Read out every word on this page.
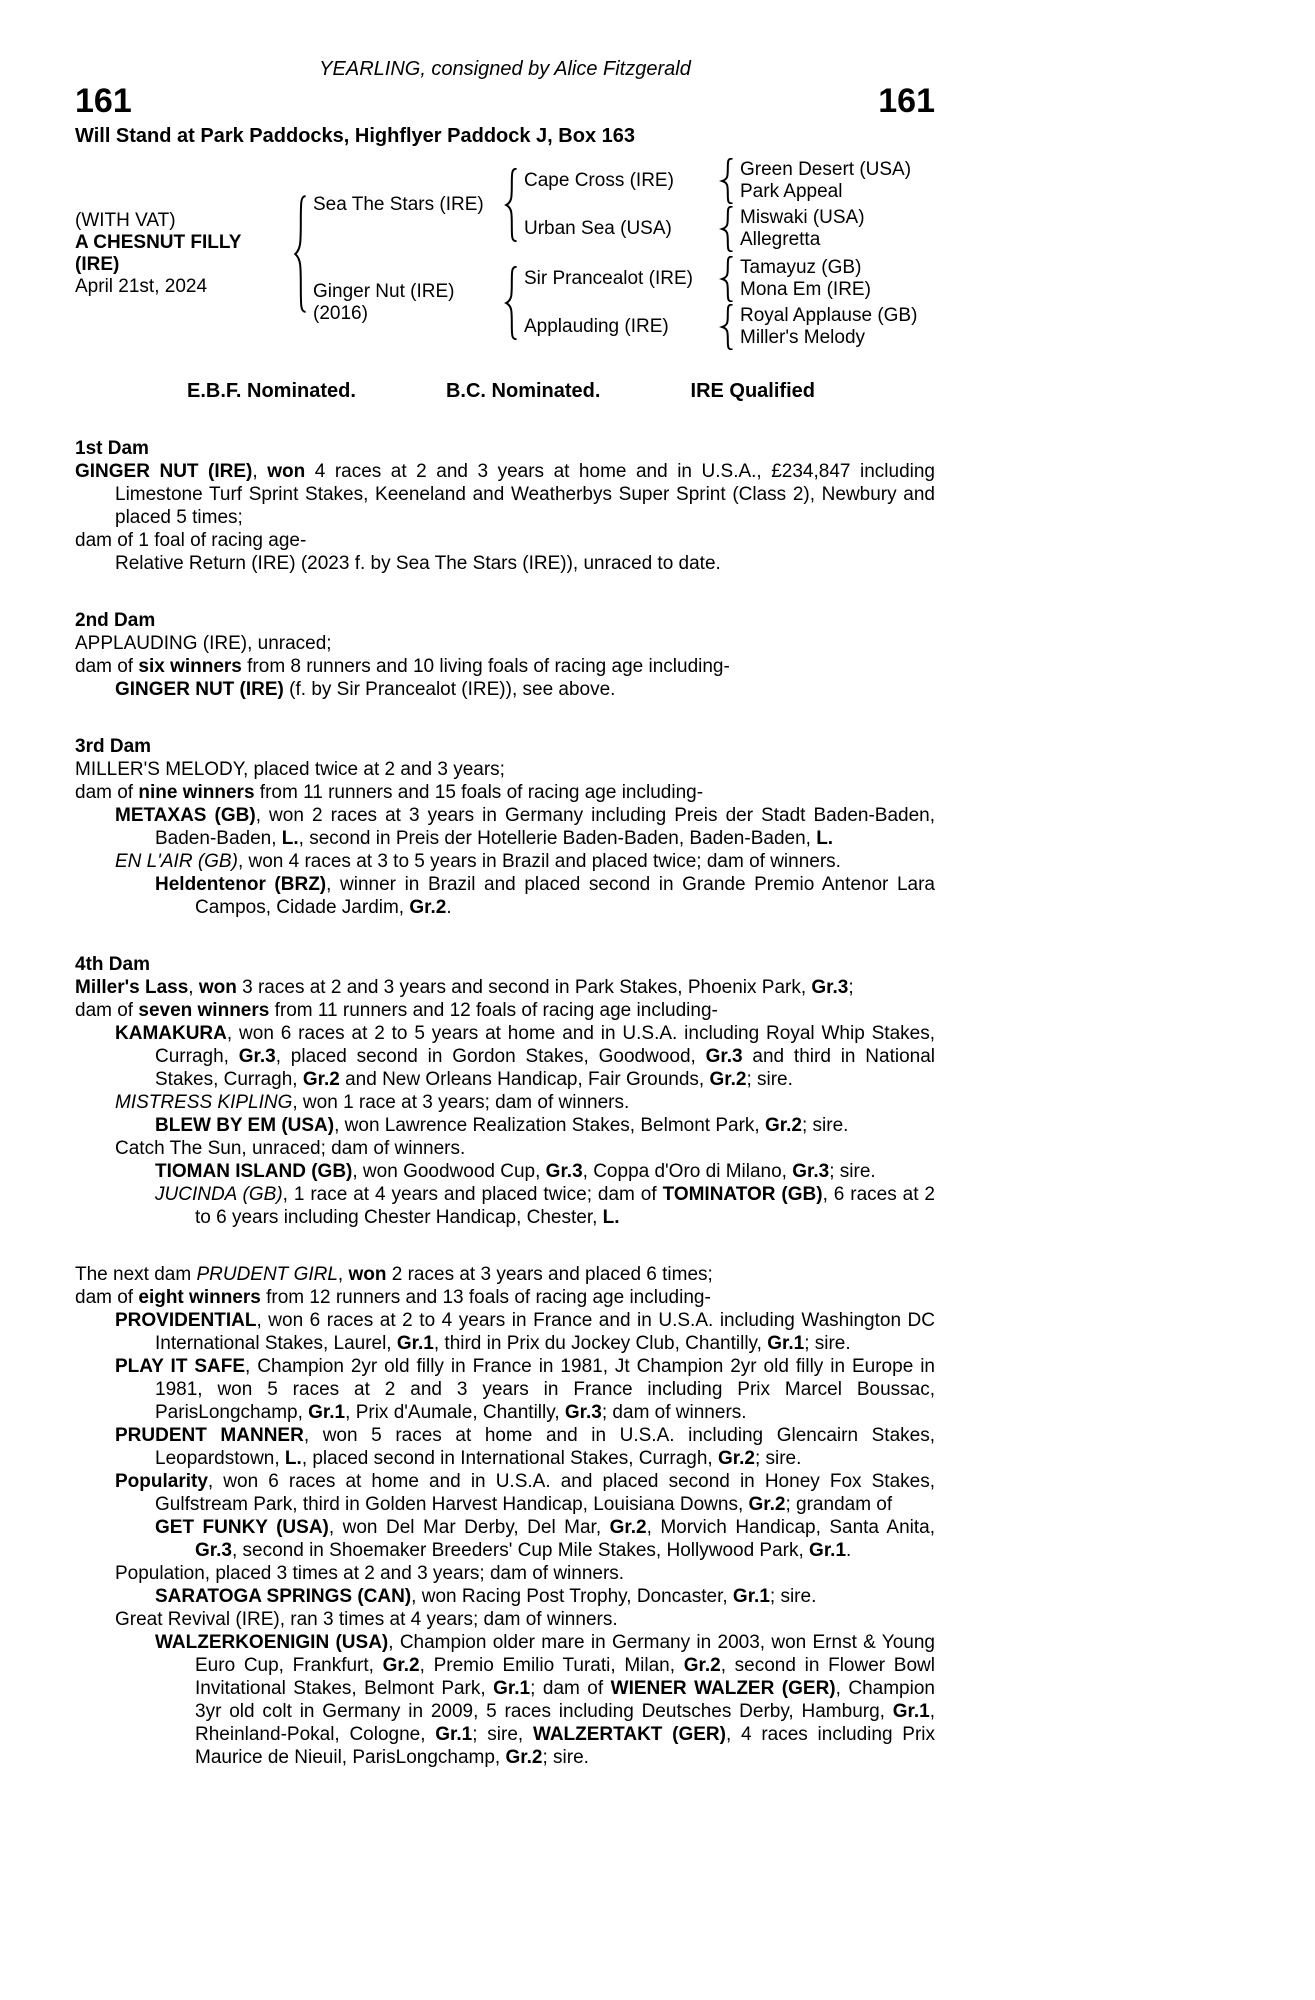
YEARLING, consigned by Alice Fitzgerald
161	161
Will Stand at Park Paddocks, Highflyer Paddock J, Box 163
(WITH VAT)
A CHESNUT FILLY
(IRE)
April 21st, 2024
Sea The Stars (IRE)
Cape Cross (IRE)
Green Desert (USA)
Park Appeal
Urban Sea (USA)
Miswaki (USA)
Allegretta
Ginger Nut (IRE)
(2016)
Sir Prancealot (IRE)
Tamayuz (GB)
Mona Em (IRE)
Applauding (IRE)
Royal Applause (GB)
Miller's Melody
E.B.F. Nominated.	B.C. Nominated.	IRE Qualified
1st Dam
GINGER NUT (IRE), won 4 races at 2 and 3 years at home and in U.S.A., £234,847 including Limestone Turf Sprint Stakes, Keeneland and Weatherbys Super Sprint (Class 2), Newbury and placed 5 times;
dam of 1 foal of racing age-
Relative Return (IRE) (2023 f. by Sea The Stars (IRE)), unraced to date.
2nd Dam
APPLAUDING (IRE), unraced;
dam of six winners from 8 runners and 10 living foals of racing age including-
GINGER NUT (IRE) (f. by Sir Prancealot (IRE)), see above.
3rd Dam
MILLER'S MELODY, placed twice at 2 and 3 years;
dam of nine winners from 11 runners and 15 foals of racing age including-
METAXAS (GB), won 2 races at 3 years in Germany including Preis der Stadt Baden-Baden, Baden-Baden, L., second in Preis der Hotellerie Baden-Baden, Baden-Baden, L.
EN L'AIR (GB), won 4 races at 3 to 5 years in Brazil and placed twice; dam of winners.
Heldentenor (BRZ), winner in Brazil and placed second in Grande Premio Antenor Lara Campos, Cidade Jardim, Gr.2.
4th Dam
Miller's Lass, won 3 races at 2 and 3 years and second in Park Stakes, Phoenix Park, Gr.3;
dam of seven winners from 11 runners and 12 foals of racing age including-
KAMAKURA, won 6 races at 2 to 5 years at home and in U.S.A. including Royal Whip Stakes, Curragh, Gr.3, placed second in Gordon Stakes, Goodwood, Gr.3 and third in National Stakes, Curragh, Gr.2 and New Orleans Handicap, Fair Grounds, Gr.2; sire.
MISTRESS KIPLING, won 1 race at 3 years; dam of winners.
BLEW BY EM (USA), won Lawrence Realization Stakes, Belmont Park, Gr.2; sire.
Catch The Sun, unraced; dam of winners.
TIOMAN ISLAND (GB), won Goodwood Cup, Gr.3, Coppa d'Oro di Milano, Gr.3; sire.
JUCINDA (GB), 1 race at 4 years and placed twice; dam of TOMINATOR (GB), 6 races at 2 to 6 years including Chester Handicap, Chester, L.
The next dam PRUDENT GIRL, won 2 races at 3 years and placed 6 times;
dam of eight winners from 12 runners and 13 foals of racing age including-
PROVIDENTIAL, won 6 races at 2 to 4 years in France and in U.S.A. including Washington DC International Stakes, Laurel, Gr.1, third in Prix du Jockey Club, Chantilly, Gr.1; sire.
PLAY IT SAFE, Champion 2yr old filly in France in 1981, Jt Champion 2yr old filly in Europe in 1981, won 5 races at 2 and 3 years in France including Prix Marcel Boussac, ParisLongchamp, Gr.1, Prix d'Aumale, Chantilly, Gr.3; dam of winners.
PRUDENT MANNER, won 5 races at home and in U.S.A. including Glencairn Stakes, Leopardstown, L., placed second in International Stakes, Curragh, Gr.2; sire.
Popularity, won 6 races at home and in U.S.A. and placed second in Honey Fox Stakes, Gulfstream Park, third in Golden Harvest Handicap, Louisiana Downs, Gr.2; grandam of
GET FUNKY (USA), won Del Mar Derby, Del Mar, Gr.2, Morvich Handicap, Santa Anita, Gr.3, second in Shoemaker Breeders' Cup Mile Stakes, Hollywood Park, Gr.1.
Population, placed 3 times at 2 and 3 years; dam of winners.
SARATOGA SPRINGS (CAN), won Racing Post Trophy, Doncaster, Gr.1; sire.
Great Revival (IRE), ran 3 times at 4 years; dam of winners.
WALZERKOENIGIN (USA), Champion older mare in Germany in 2003, won Ernst & Young Euro Cup, Frankfurt, Gr.2, Premio Emilio Turati, Milan, Gr.2, second in Flower Bowl Invitational Stakes, Belmont Park, Gr.1; dam of WIENER WALZER (GER), Champion 3yr old colt in Germany in 2009, 5 races including Deutsches Derby, Hamburg, Gr.1, Rheinland-Pokal, Cologne, Gr.1; sire, WALZERTAKT (GER), 4 races including Prix Maurice de Nieuil, ParisLongchamp, Gr.2; sire.
